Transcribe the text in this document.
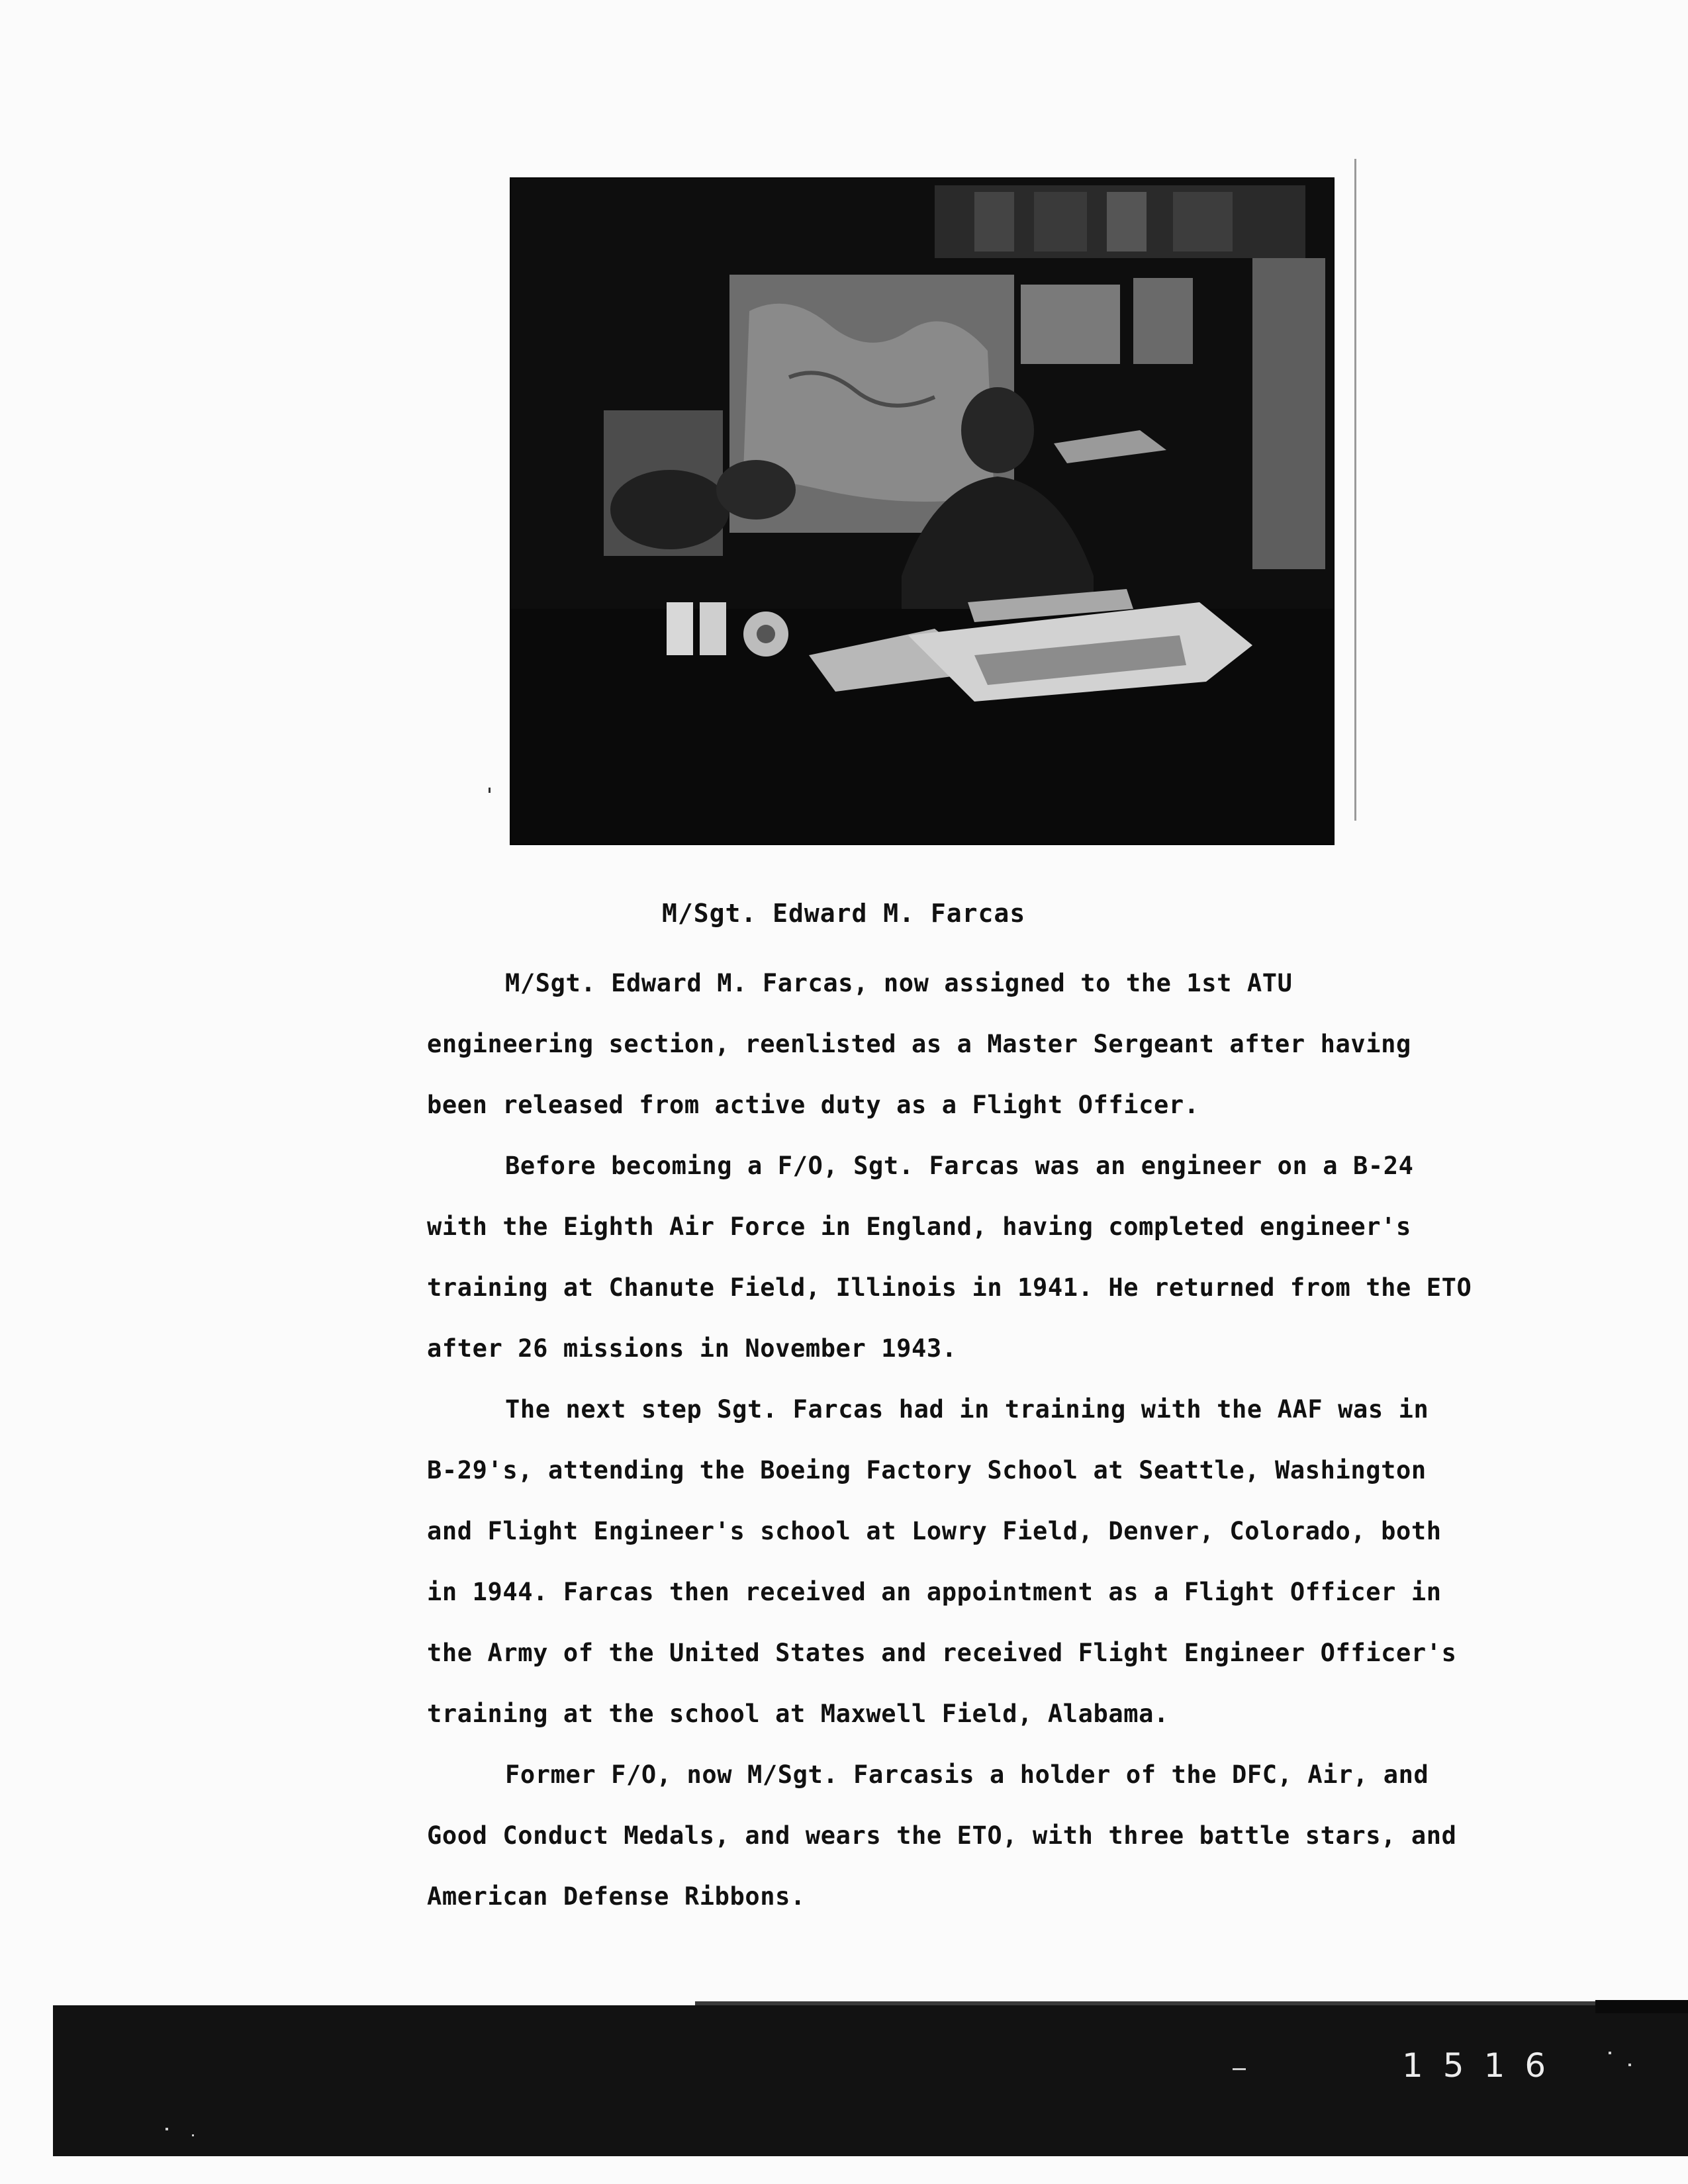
M/Sgt. Edward M. Farcas

M/Sgt. Edward M. Farcas, now assigned to the 1st ATU engineering section, reenlisted as a Master Sergeant after having been released from active duty as a Flight Officer.

Before becoming a F/O, Sgt. Farcas was an engineer on a B-24 with the Eighth Air Force in England, having completed engineer's training at Chanute Field, Illinois in 1941. He returned from the ETO after 26 missions in November 1943.

The next step Sgt. Farcas had in training with the AAF was in B-29's, attending the Boeing Factory School at Seattle, Washington and Flight Engineer's school at Lowry Field, Denver, Colorado, both in 1944. Farcas then received an appointment as a Flight Officer in the Army of the United States and received Flight Engineer Officer's training at the school at Maxwell Field, Alabama.

Former F/O, now M/Sgt. Farcasis a holder of the DFC, Air, and Good Conduct Medals, and wears the ETO, with three battle stars, and American Defense Ribbons.

1516
